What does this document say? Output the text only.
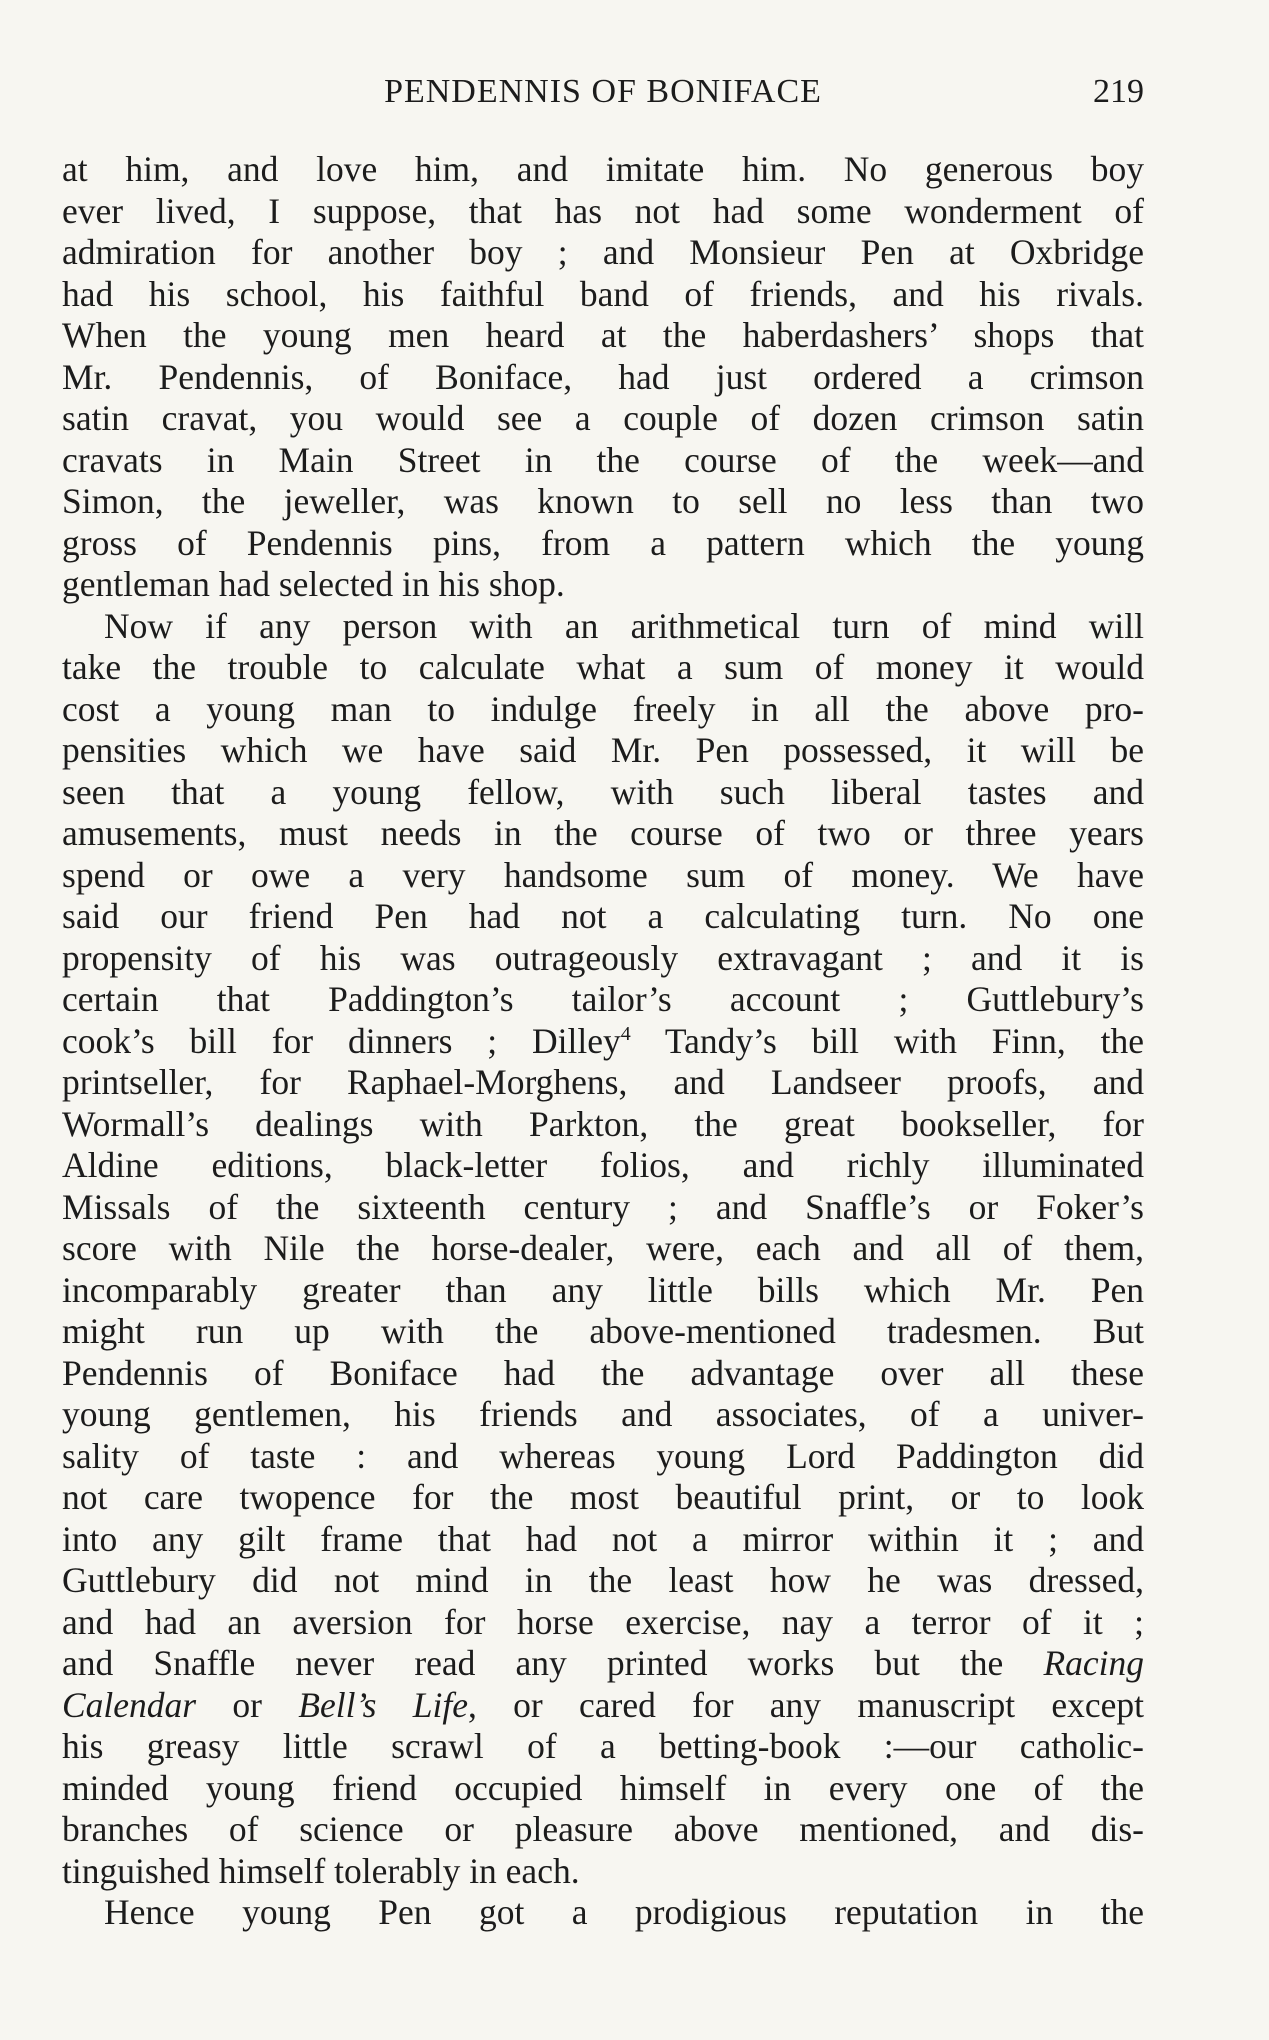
PENDENNIS OF BONIFACE	219
at him, and love him, and imitate him. No generous boy
ever lived, I suppose, that has not had some wonderment of
admiration for another boy ; and Monsieur Pen at Oxbridge
had his school, his faithful band of friends, and his rivals.
When the young men heard at the haberdashers’ shops that
Mr. Pendennis, of Boniface, had just ordered a crimson
satin cravat, you would see a couple of dozen crimson satin
cravats in Main Street in the course of the week—and
Simon, the jeweller, was known to sell no less than two
gross of Pendennis pins, from a pattern which the young
gentleman had selected in his shop.
Now if any person with an arithmetical turn of mind will
take the trouble to calculate what a sum of money it would
cost a young man to indulge freely in all the above pro-
pensities which we have said Mr. Pen possessed, it will be
seen that a young fellow, with such liberal tastes and
amusements, must needs in the course of two or three years
spend or owe a very handsome sum of money. We have
said our friend Pen had not a calculating turn. No one
propensity of his was outrageously extravagant ; and it is
certain that Paddington’s tailor’s account ; Guttlebury’s
cook’s bill for dinners ; Dilley$^4$ Tandy’s bill with Finn, the
printseller, for Raphael-Morghens, and Landseer proofs, and
Wormall’s dealings with Parkton, the great bookseller, for
Aldine editions, black-letter folios, and richly illuminated
Missals of the sixteenth century ; and Snaffle’s or Foker’s
score with Nile the horse-dealer, were, each and all of them,
incomparably greater than any little bills which Mr. Pen
might run up with the above-mentioned tradesmen. But
Pendennis of Boniface had the advantage over all these
young gentlemen, his friends and associates, of a univer-
sality of taste : and whereas young Lord Paddington did
not care twopence for the most beautiful print, or to look
into any gilt frame that had not a mirror within it ; and
Guttlebury did not mind in the least how he was dressed,
and had an aversion for horse exercise, nay a terror of it ;
and Snaffle never read any printed works but the Racing
Calendar or Bell’s Life, or cared for any manuscript except
his greasy little scrawl of a betting-book :—our catholic-
minded young friend occupied himself in every one of the
branches of science or pleasure above mentioned, and dis-
tinguished himself tolerably in each.
Hence young Pen got a prodigious reputation in the
